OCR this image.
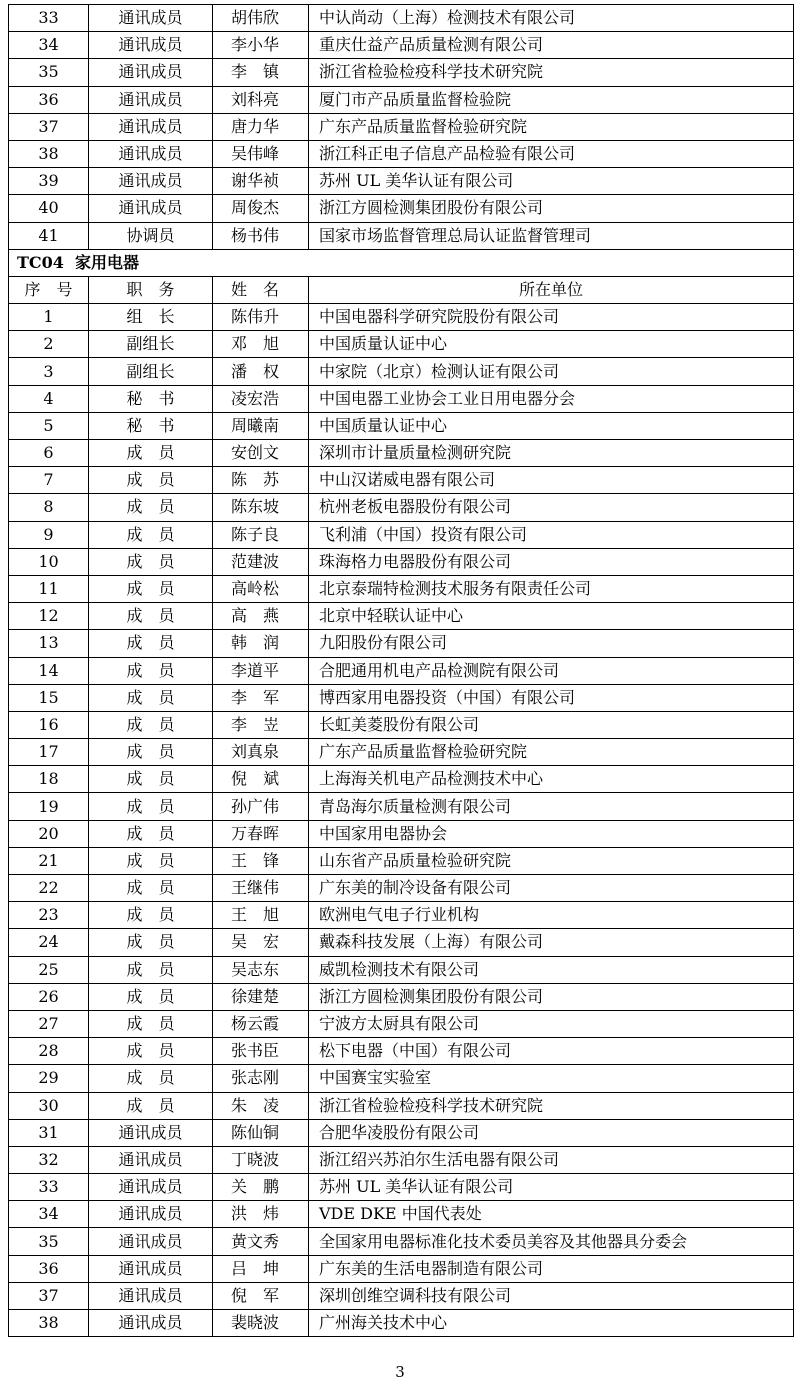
33	通讯成员	胡伟欣	中认尚动（上海）检测技术有限公司
34	通讯成员	李小华	重庆仕益产品质量检测有限公司
35	通讯成员	李　镇	浙江省检验检疫科学技术研究院
36	通讯成员	刘科亮	厦门市产品质量监督检验院
37	通讯成员	唐力华	广东产品质量监督检验研究院
38	通讯成员	吴伟峰	浙江科正电子信息产品检验有限公司
39	通讯成员	谢华祯	苏州 UL 美华认证有限公司
40	通讯成员	周俊杰	浙江方圆检测集团股份有限公司
41	协调员	杨书伟	国家市场监督管理总局认证监督管理司
TC04 家用电器			
序　号	职　务	姓　名	所在单位
1	组　长	陈伟升	中国电器科学研究院股份有限公司
2	副组长	邓　旭	中国质量认证中心
3	副组长	潘　权	中家院（北京）检测认证有限公司
4	秘　书	凌宏浩	中国电器工业协会工业日用电器分会
5	秘　书	周曦南	中国质量认证中心
6	成　员	安创文	深圳市计量质量检测研究院
7	成　员	陈　苏	中山汉诺威电器有限公司
8	成　员	陈东坡	杭州老板电器股份有限公司
9	成　员	陈子良	飞利浦（中国）投资有限公司
10	成　员	范建波	珠海格力电器股份有限公司
11	成　员	高岭松	北京泰瑞特检测技术服务有限责任公司
12	成　员	高　燕	北京中轻联认证中心
13	成　员	韩　润	九阳股份有限公司
14	成　员	李道平	合肥通用机电产品检测院有限公司
15	成　员	李　军	博西家用电器投资（中国）有限公司
16	成　员	李　岦	长虹美菱股份有限公司
17	成　员	刘真泉	广东产品质量监督检验研究院
18	成　员	倪　斌	上海海关机电产品检测技术中心
19	成　员	孙广伟	青岛海尔质量检测有限公司
20	成　员	万春晖	中国家用电器协会
21	成　员	王　锋	山东省产品质量检验研究院
22	成　员	王继伟	广东美的制冷设备有限公司
23	成　员	王　旭	欧洲电气电子行业机构
24	成　员	吴　宏	戴森科技发展（上海）有限公司
25	成　员	吴志东	威凯检测技术有限公司
26	成　员	徐建楚	浙江方圆检测集团股份有限公司
27	成　员	杨云霞	宁波方太厨具有限公司
28	成　员	张书臣	松下电器（中国）有限公司
29	成　员	张志刚	中国赛宝实验室
30	成　员	朱　凌	浙江省检验检疫科学技术研究院
31	通讯成员	陈仙铜	合肥华凌股份有限公司
32	通讯成员	丁晓波	浙江绍兴苏泊尔生活电器有限公司
33	通讯成员	关　鹏	苏州 UL 美华认证有限公司
34	通讯成员	洪　炜	VDE DKE 中国代表处
35	通讯成员	黄文秀	全国家用电器标准化技术委员美容及其他器具分委会
36	通讯成员	吕　坤	广东美的生活电器制造有限公司
37	通讯成员	倪　军	深圳创维空调科技有限公司
38	通讯成员	裴晓波	广州海关技术中心
3
